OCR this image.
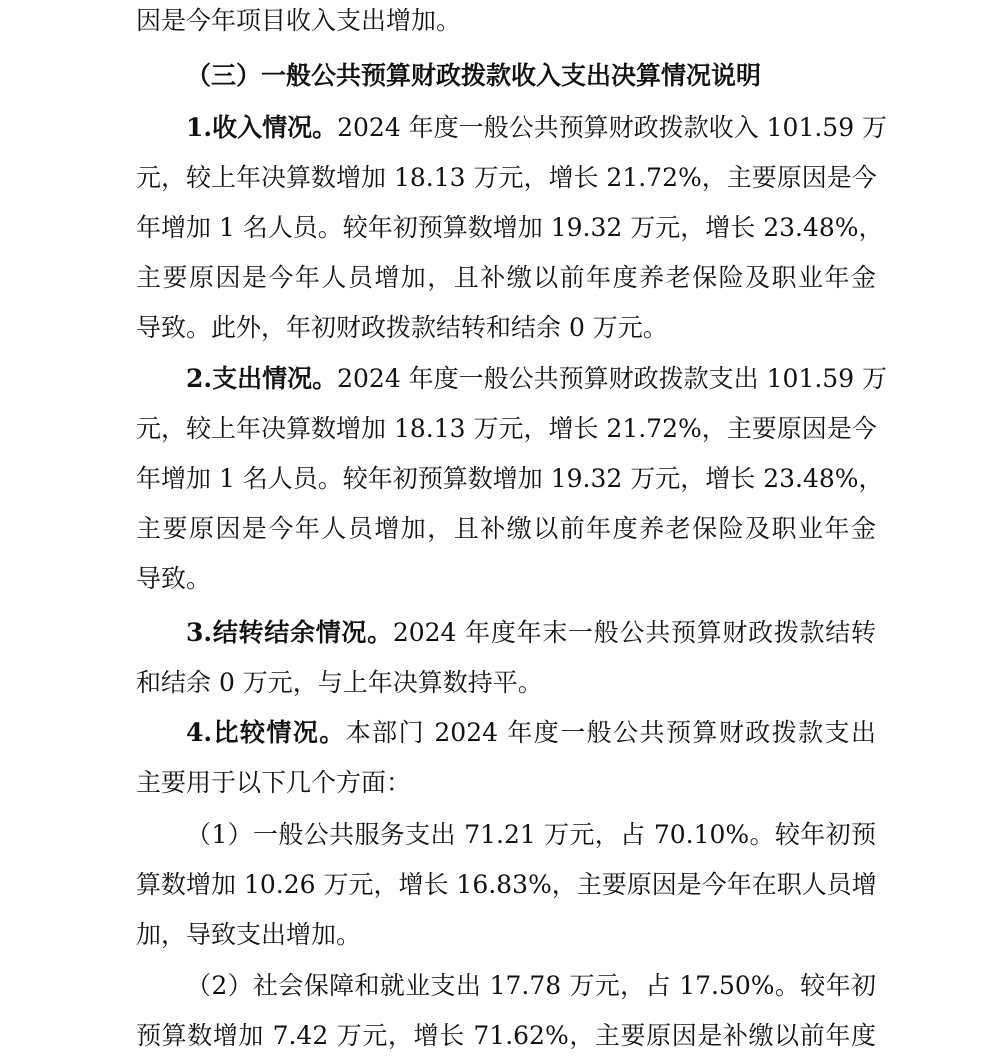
因是今年项目收入支出增加。
（三）一般公共预算财政拨款收入支出决算情况说明
1.收入情况。2024 年度一般公共预算财政拨款收入 101.59 万
元，较上年决算数增加 18.13 万元，增长 21.72%，主要原因是今
年增加 1 名人员。较年初预算数增加 19.32 万元，增长 23.48%，
主要原因是今年人员增加，且补缴以前年度养老保险及职业年金
导致。此外，年初财政拨款结转和结余 0 万元。
2.支出情况。2024 年度一般公共预算财政拨款支出 101.59 万
元，较上年决算数增加 18.13 万元，增长 21.72%，主要原因是今
年增加 1 名人员。较年初预算数增加 19.32 万元，增长 23.48%，
主要原因是今年人员增加，且补缴以前年度养老保险及职业年金
导致。
3.结转结余情况。2024 年度年末一般公共预算财政拨款结转
和结余 0 万元，与上年决算数持平。
4.比较情况。本部门 2024 年度一般公共预算财政拨款支出
主要用于以下几个方面：
（1）一般公共服务支出 71.21 万元，占 70.10%。较年初预
算数增加 10.26 万元，增长 16.83%，主要原因是今年在职人员增
加，导致支出增加。
（2）社会保障和就业支出 17.78 万元，占 17.50%。较年初
预算数增加 7.42 万元，增长 71.62%，主要原因是补缴以前年度
